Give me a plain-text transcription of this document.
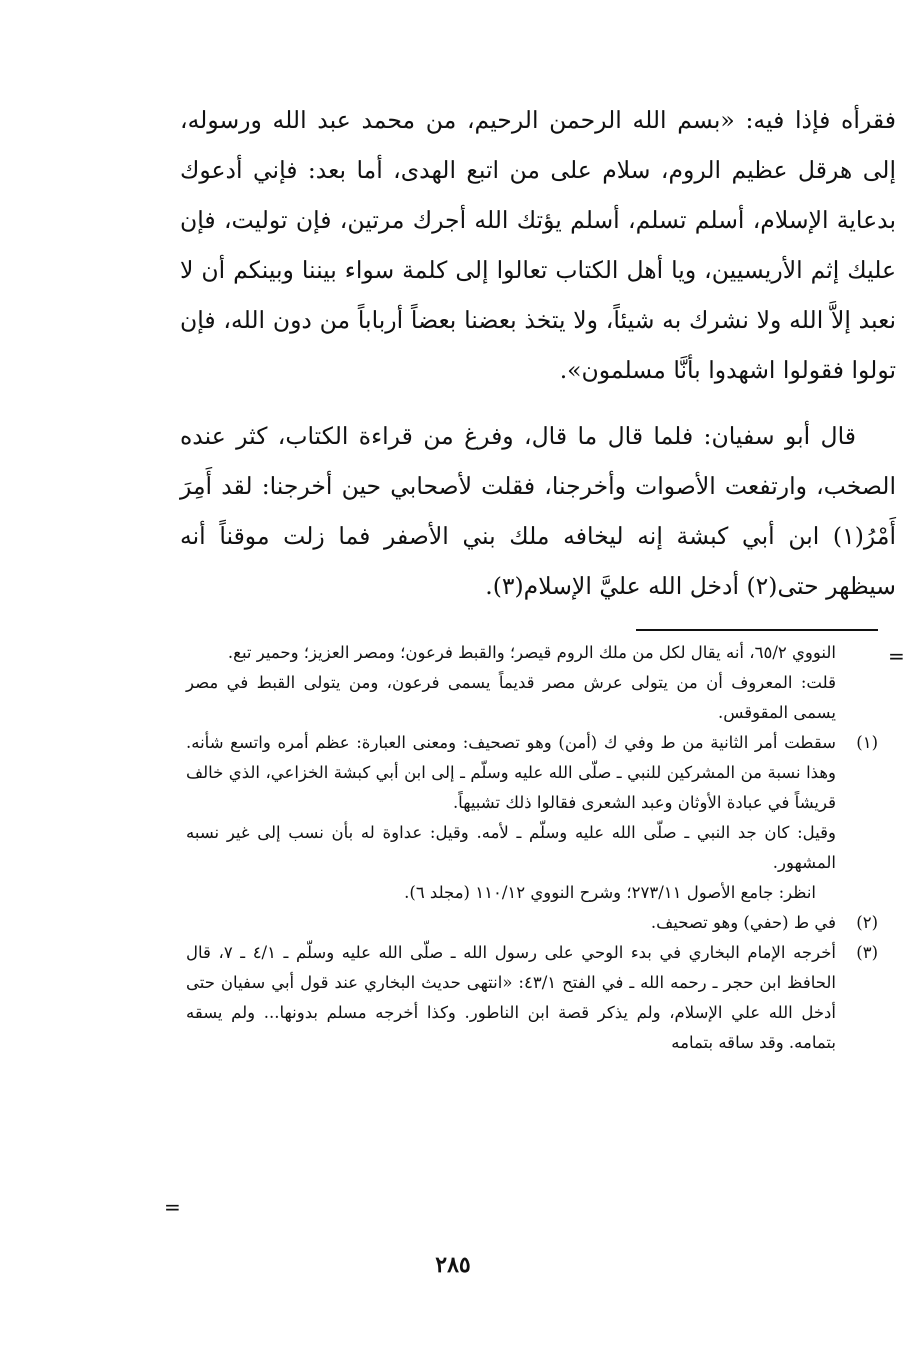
فقرأه فإذا فيه: «بسم الله الرحمن الرحيم، من محمد عبد الله ورسوله، إلى هرقل عظيم الروم، سلام على من اتبع الهدى، أما بعد: فإني أدعوك بدعاية الإسلام، أسلم تسلم، أسلم يؤتك الله أجرك مرتين، فإن توليت، فإن عليك إثم الأريسيين، ويا أهل الكتاب تعالوا إلى كلمة سواء بيننا وبينكم أن لا نعبد إلاَّ الله ولا نشرك به شيئاً، ولا يتخذ بعضنا بعضاً أرباباً من دون الله، فإن تولوا فقولوا اشهدوا بأنَّا مسلمون».

قال أبو سفيان: فلما قال ما قال، وفرغ من قراءة الكتاب، كثر عنده الصخب، وارتفعت الأصوات وأخرجنا، فقلت لأصحابي حين أخرجنا: لقد أَمِرَ أَمْرُ(١) ابن أبي كبشة إنه ليخافه ملك بني الأصفر فما زلت موقناً أنه سيظهر حتى(٢) أدخل الله عليَّ الإسلام(٣).

=

النووي ٦٥/٢، أنه يقال لكل من ملك الروم قيصر؛ والقبط فرعون؛ ومصر العزيز؛ وحمير تبع.

قلت: المعروف أن من يتولى عرش مصر قديماً يسمى فرعون، ومن يتولى القبط في مصر يسمى المقوقس.

(١)

سقطت أمر الثانية من ط وفي ك (أمن) وهو تصحيف: ومعنى العبارة: عظم أمره واتسع شأنه. وهذا نسبة من المشركين للنبي ـ صلّى الله عليه وسلّم ـ إلى ابن أبي كبشة الخزاعي، الذي خالف قريشاً في عبادة الأوثان وعبد الشعرى فقالوا ذلك تشبيهاً.

وقيل: كان جد النبي ـ صلّى الله عليه وسلّم ـ لأمه. وقيل: عداوة له بأن نسب إلى غير نسبه المشهور.

انظر: جامع الأصول ٢٧٣/١١؛ وشرح النووي ١١٠/١٢ (مجلد ٦).

(٢)

في ط (حفي) وهو تصحيف.

(٣)

أخرجه الإمام البخاري في بدء الوحي على رسول الله ـ صلّى الله عليه وسلّم ـ ٤/١ ـ ٧، قال الحافظ ابن حجر ـ رحمه الله ـ في الفتح ٤٣/١: «انتهى حديث البخاري عند قول أبي سفيان حتى أدخل الله علي الإسلام، ولم يذكر قصة ابن الناطور. وكذا أخرجه مسلم بدونها... ولم يسقه بتمامه. وقد ساقه بتمامه

=
٢٨٥
